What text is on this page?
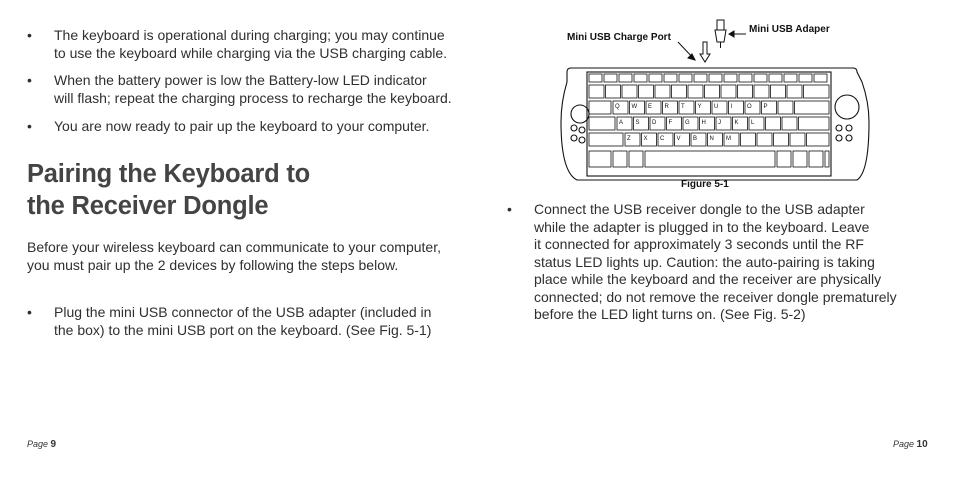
• The keyboard is operational during charging; you may continue
to use the keyboard while charging via the USB charging cable.
• When the battery power is low the Battery-low LED indicator
will flash; repeat the charging process to recharge the keyboard.
• You are now ready to pair up the keyboard to your computer.
Pairing the Keyboard to
the Receiver Dongle
Before your wireless keyboard can communicate to your computer,
you must pair up the 2 devices by following the steps below.
• Plug the mini USB connector of the USB adapter (included in
the box) to the mini USB port on the keyboard. (See Fig. 5-1)
Page 9
Q W E R T Y U I O P
A S D F G H J K L
Z X C V B N M
Mini USB Adaper
Mini USB Charge Port
Figure 5-1
• Connect the USB receiver dongle to the USB adapter
while the adapter is plugged in to the keyboard. Leave
it connected for approximately 3 seconds until the RF
status LED lights up. Caution: the auto-pairing is taking
place while the keyboard and the receiver are physically
connected; do not remove the receiver dongle prematurely
before the LED light turns on. (See Fig. 5-2)
Page 10
